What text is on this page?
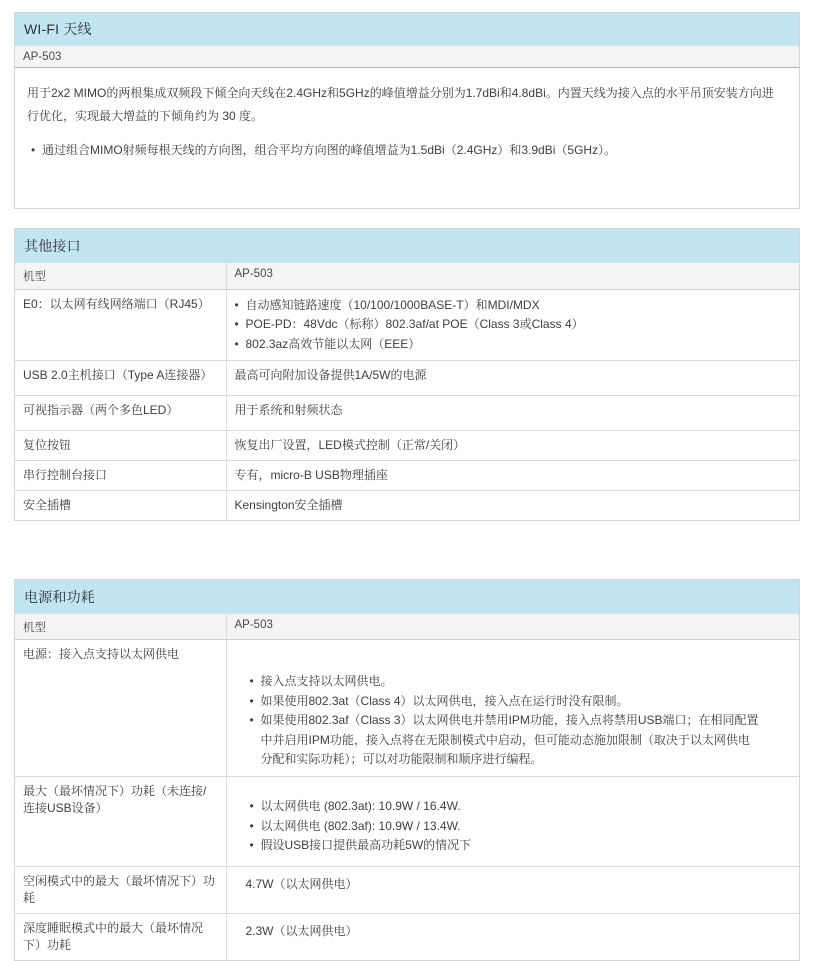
WI-FI 天线
AP-503

用于2x2 MIMO的两根集成双频段下倾全向天线在2.4GHz和5GHz的峰值增益分别为1.7dBi和4.8dBi。内置天线为接入点的水平吊顶安装方向进行优化，实现最大增益的下倾角约为 30 度。

• 通过组合MIMO射频每根天线的方向图，组合平均方向图的峰值增益为1.5dBi（2.4GHz）和3.9dBi（5GHz）。
其他接口
机型	AP-503
E0：以太网有线网络端口（RJ45）	
•自动感知链路速度（10/100/1000BASE-T）和MDI/MDX
• POE-PD：48Vdc（标称）802.3af/at POE（Class 3或Class 4）
• 802.3az高效节能以太网（EEE）

USB 2.0主机接口（Type A连接器）	最高可向附加设备提供1A/5W的电源
可视指示器（两个多色LED）	用于系统和射频状态
复位按钮	恢复出厂设置，LED模式控制（正常/关闭）
串行控制台接口	专有，micro-B USB物理插座
安全插槽	Kensington安全插槽
电源和功耗
机型	AP-503
电源：接入点支持以太网供电	
• 接入点支持以太网供电。
• 如果使用802.3at（Class 4）以太网供电，接入点在运行时没有限制。
• 如果使用802.3af（Class 3）以太网供电并禁用IPM功能，接入点将禁用USB端口；在相同配置中并启用IPM功能，接入点将在无限制模式中启动，但可能动态施加限制（取决于以太网供电分配和实际功耗）；可以对功能限制和顺序进行编程。

最大（最坏情况下）功耗（未连接/连接USB设备）	
•以太网供电 (802.3at): 10.9W / 16.4W.
• 以太网供电 (802.3af): 10.9W / 13.4W.
• 假设USB接口提供最高功耗5W的情况下

空闲模式中的最大（最坏情况下）功耗	4.7W（以太网供电）
深度睡眠模式中的最大（最坏情况下）功耗	2.3W（以太网供电）
